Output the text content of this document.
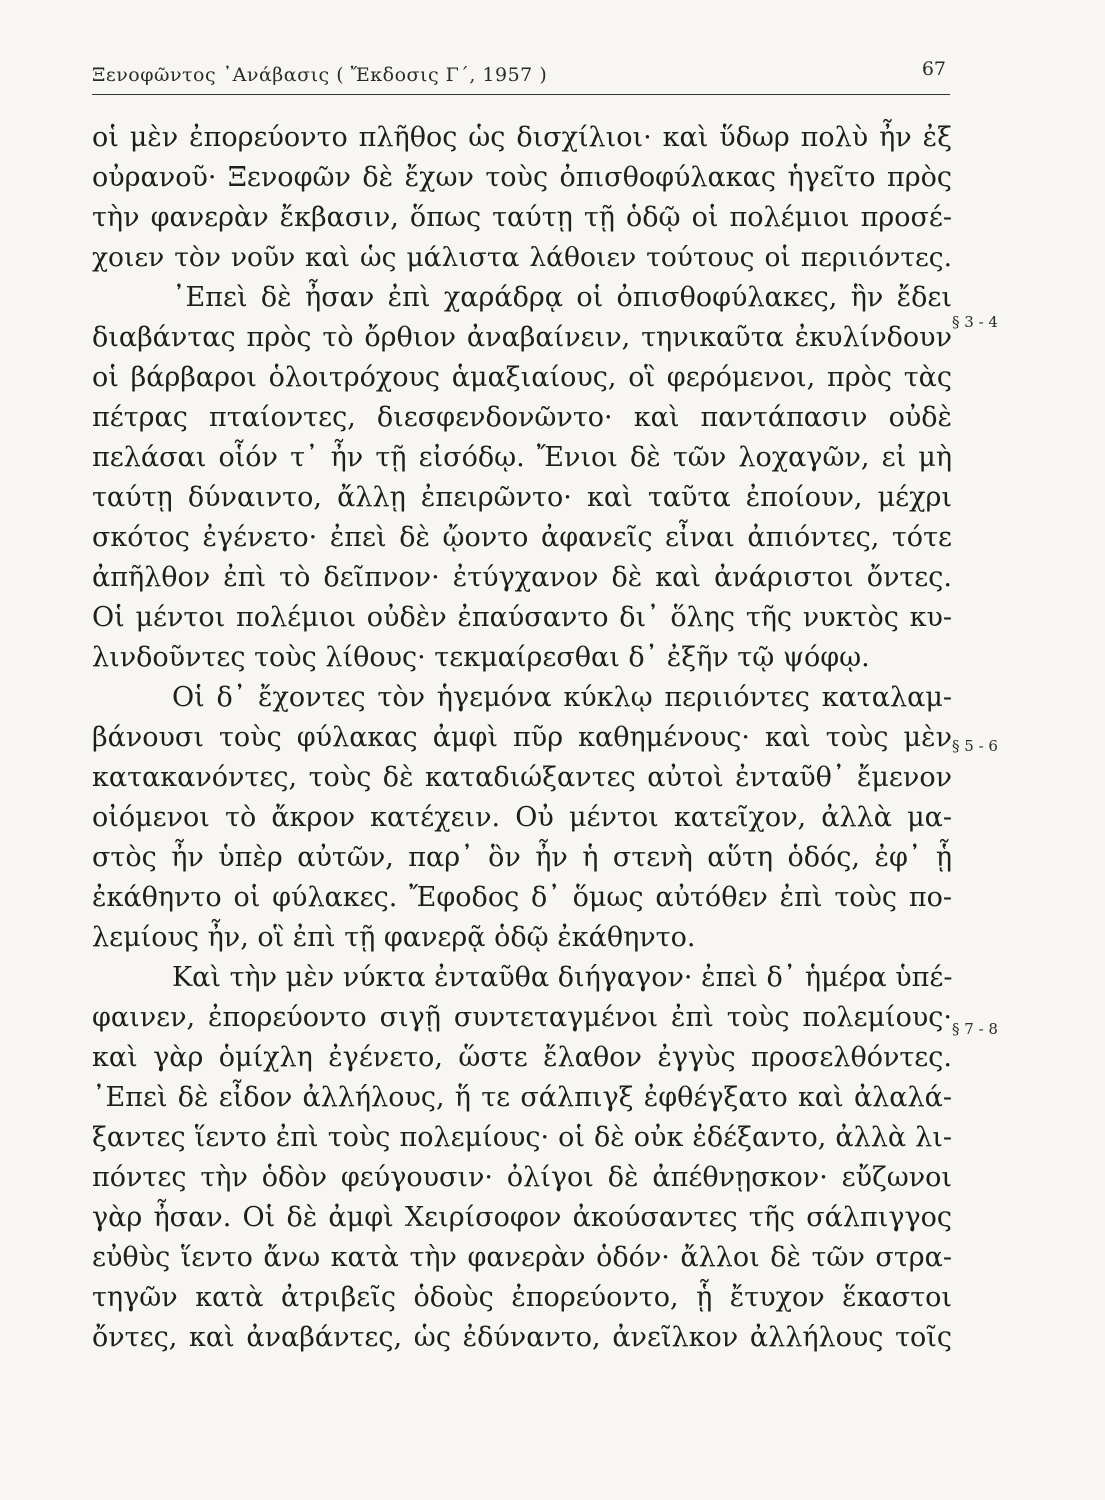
Ξενοφῶντος ᾿Ανάβασις ( Ἔκδοσις Γ΄, 1957 )	67
οἱ μὲν ἐπορεύοντο πλῆθος ὡς δισχίλιοι· καὶ ὕδωρ πολὺ ἦν ἐξ
οὐρανοῦ· Ξενοφῶν δὲ ἔχων τοὺς ὀπισθοφύλακας ἡγεῖτο πρὸς
τὴν φανερὰν ἔκβασιν, ὅπως ταύτῃ τῇ ὁδῷ οἱ πολέμιοι προσέ-
χοιεν τὸν νοῦν καὶ ὡς μάλιστα λάθοιεν τούτους οἱ περιιόντες.
᾿Επεὶ δὲ ἦσαν ἐπὶ χαράδρᾳ οἱ ὀπισθοφύλακες, ἣν ἔδει
διαβάντας πρὸς τὸ ὄρθιον ἀναβαίνειν, τηνικαῦτα ἐκυλίνδουν
οἱ βάρβαροι ὁλοιτρόχους ἁμαξιαίους, οἳ φερόμενοι, πρὸς τὰς
πέτρας πταίοντες, διεσφενδονῶντο· καὶ παντάπασιν οὐδὲ
πελάσαι οἷόν τ᾿ ἦν τῇ εἰσόδῳ. Ἔνιοι δὲ τῶν λοχαγῶν, εἰ μὴ
ταύτῃ δύναιντο, ἄλλῃ ἐπειρῶντο· καὶ ταῦτα ἐποίουν, μέχρι
σκότος ἐγένετο· ἐπεὶ δὲ ᾤοντο ἀφανεῖς εἶναι ἀπιόντες, τότε
ἀπῆλθον ἐπὶ τὸ δεῖπνον· ἐτύγχανον δὲ καὶ ἀνάριστοι ὄντες.
Οἱ μέντοι πολέμιοι οὐδὲν ἐπαύσαντο δι᾿ ὅλης τῆς νυκτὸς κυ-
λινδοῦντες τοὺς λίθους· τεκμαίρεσθαι δ᾿ ἐξῆν τῷ ψόφῳ.
Οἱ δ᾿ ἔχοντες τὸν ἡγεμόνα κύκλῳ περιιόντες καταλαμ-
βάνουσι τοὺς φύλακας ἀμφὶ πῦρ καθημένους· καὶ τοὺς μὲν
κατακανόντες, τοὺς δὲ καταδιώξαντες αὐτοὶ ἐνταῦθ᾿ ἔμενον
οἰόμενοι τὸ ἄκρον κατέχειν. Οὐ μέντοι κατεῖχον, ἀλλὰ μα-
στὸς ἦν ὑπὲρ αὐτῶν, παρ᾿ ὃν ἦν ἡ στενὴ αὕτη ὁδός, ἐφ᾿ ᾗ
ἐκάθηντο οἱ φύλακες. Ἔφοδος δ᾿ ὅμως αὐτόθεν ἐπὶ τοὺς πο-
λεμίους ἦν, οἳ ἐπὶ τῇ φανερᾷ ὁδῷ ἐκάθηντο.
Καὶ τὴν μὲν νύκτα ἐνταῦθα διήγαγον· ἐπεὶ δ᾿ ἡμέρα ὑπέ-
φαινεν, ἐπορεύοντο σιγῇ συντεταγμένοι ἐπὶ τοὺς πολεμίους·
καὶ γὰρ ὁμίχλη ἐγένετο, ὥστε ἔλαθον ἐγγὺς προσελθόντες.
᾿Επεὶ δὲ εἶδον ἀλλήλους, ἥ τε σάλπιγξ ἐφθέγξατο καὶ ἀλαλά-
ξαντες ἵεντο ἐπὶ τοὺς πολεμίους· οἱ δὲ οὐκ ἐδέξαντο, ἀλλὰ λι-
πόντες τὴν ὁδὸν φεύγουσιν· ὀλίγοι δὲ ἀπέθνῃσκον· εὔζωνοι
γὰρ ἦσαν. Οἱ δὲ ἀμφὶ Χειρίσοφον ἀκούσαντες τῆς σάλπιγγος
εὐθὺς ἵεντο ἄνω κατὰ τὴν φανερὰν ὁδόν· ἄλλοι δὲ τῶν στρα-
τηγῶν κατὰ ἀτριβεῖς ὁδοὺς ἐπορεύοντο, ᾗ ἔτυχον ἕκαστοι
ὄντες, καὶ ἀναβάντες, ὡς ἐδύναντο, ἀνεῖλκον ἀλλήλους τοῖς
§ 3 - 4
§ 5 - 6
§ 7 - 8
